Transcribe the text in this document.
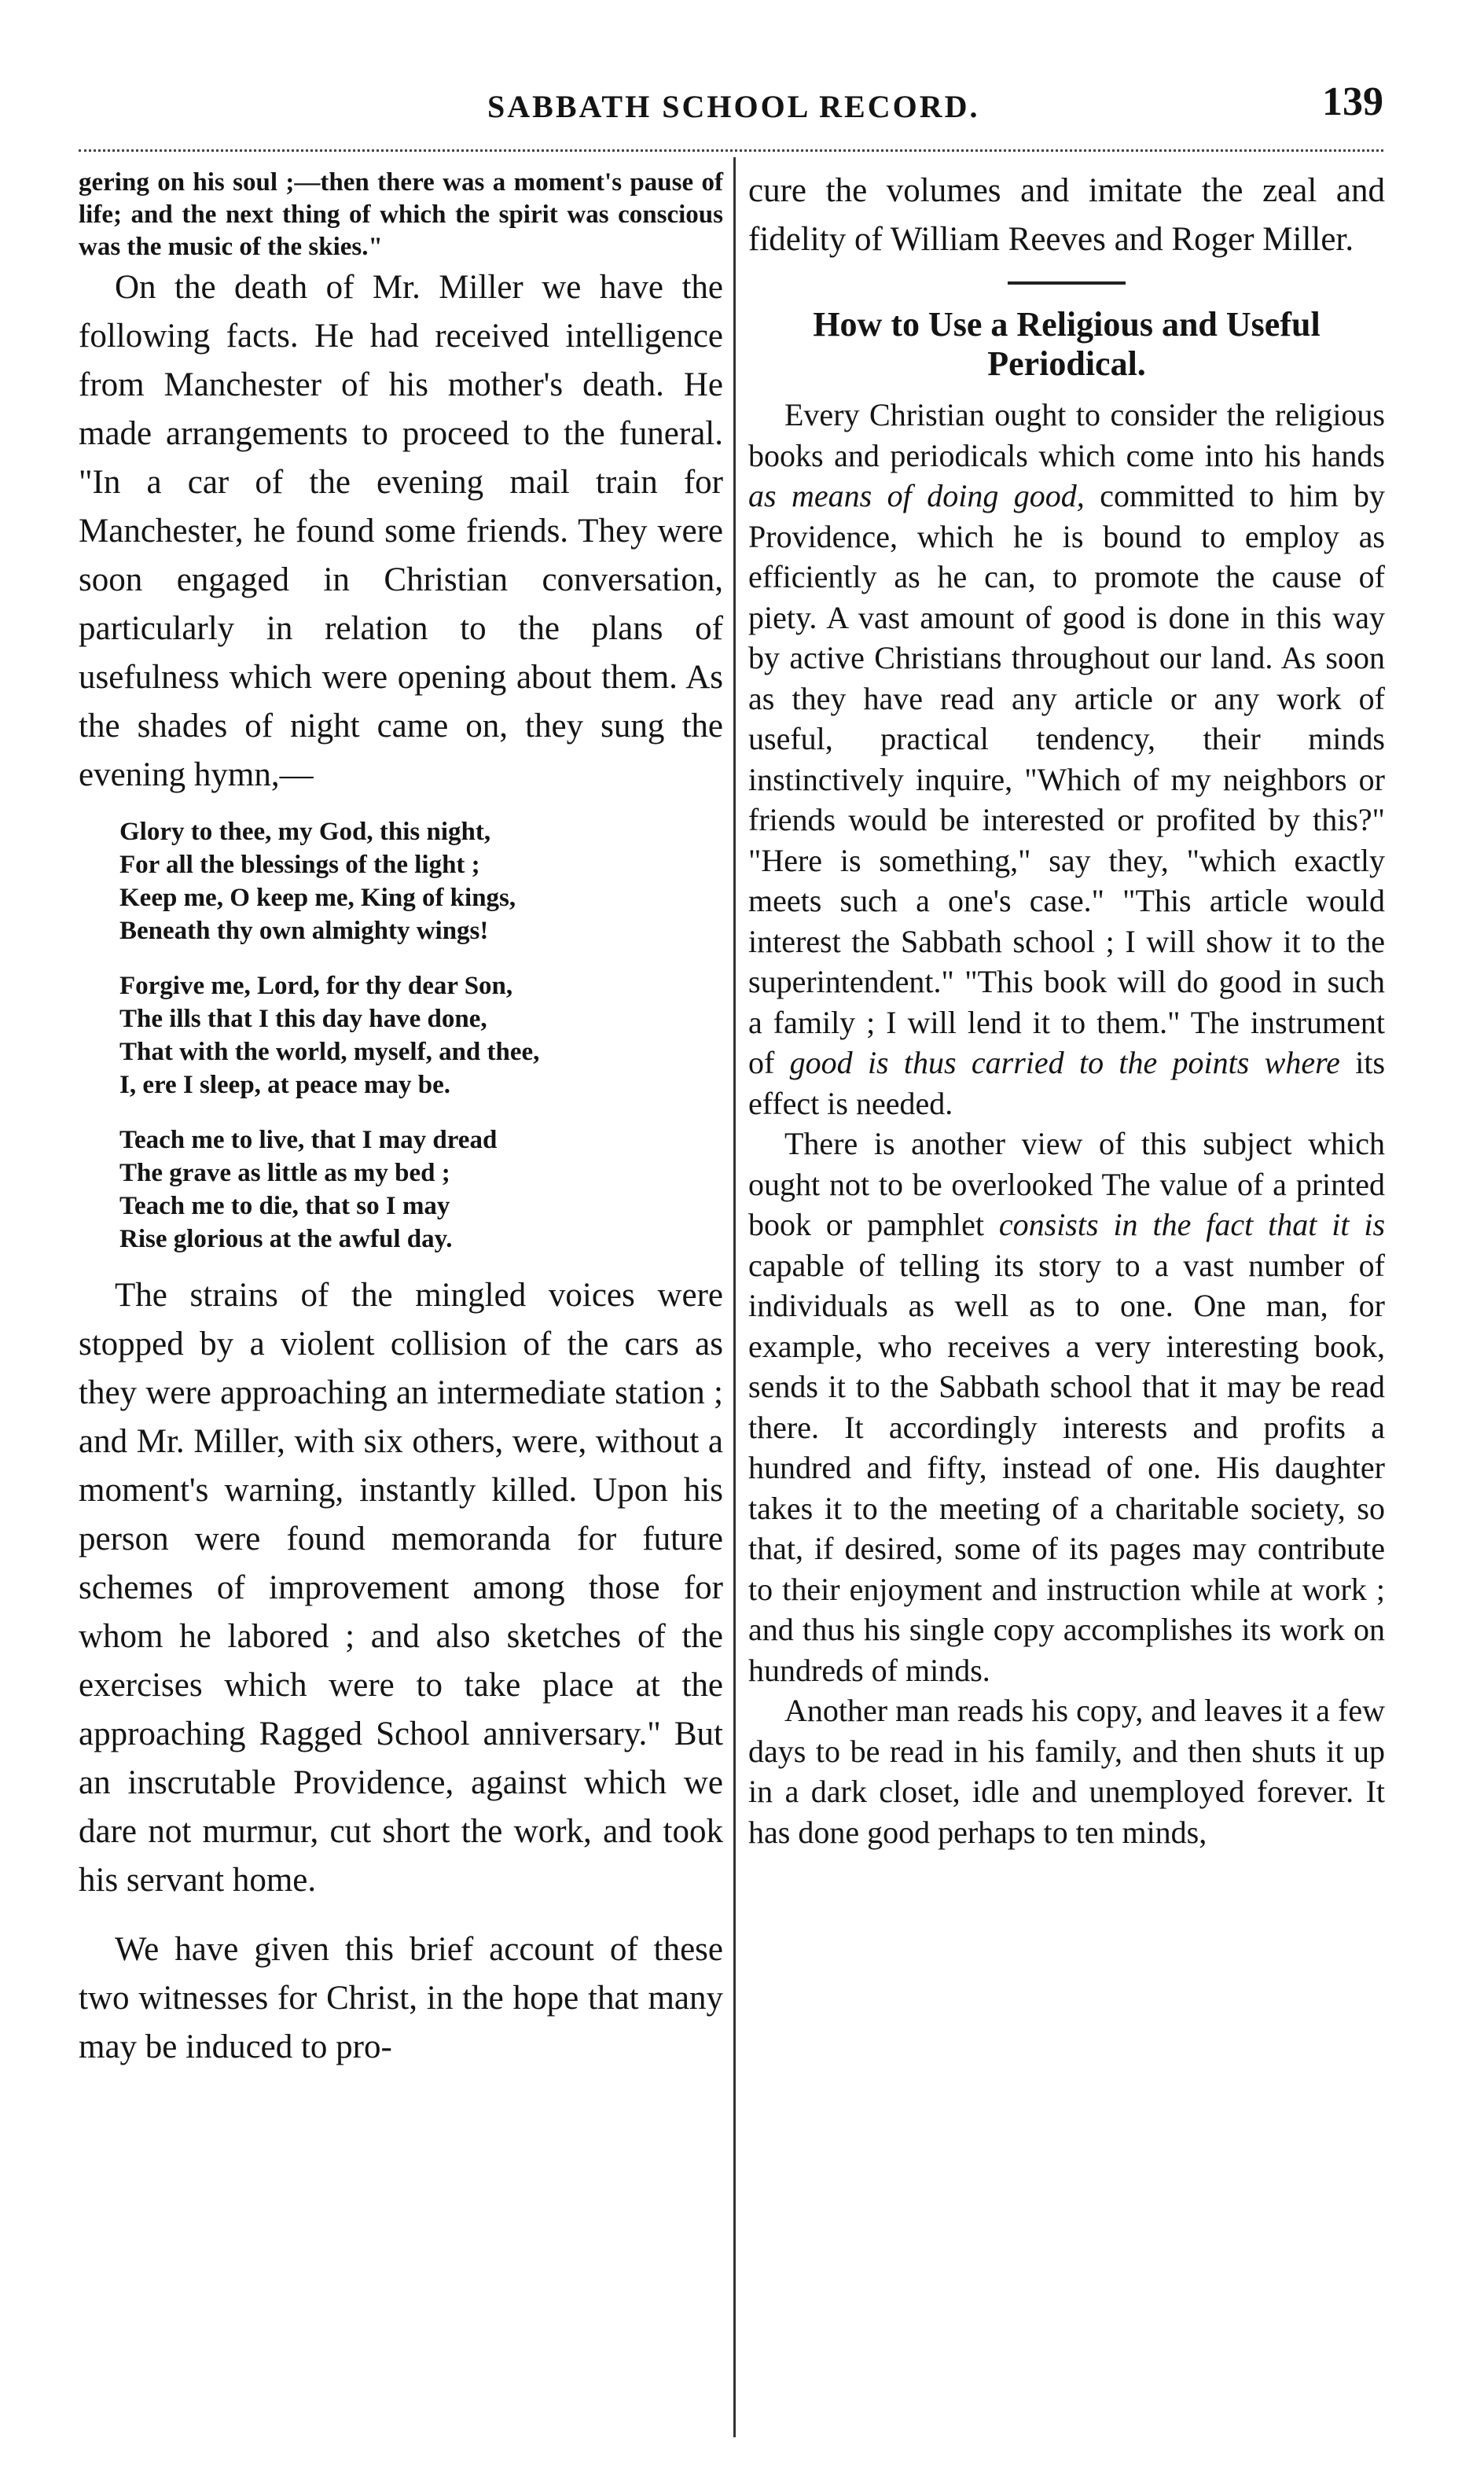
SABBATH SCHOOL RECORD.	139

gering on his soul ;—then there was a moment's pause of life; and the next thing of which the spirit was conscious was the music of the skies."

On the death of Mr. Miller we have the following facts. He had received intelligence from Manchester of his mother's death. He made arrangements to proceed to the funeral. "In a car of the evening mail train for Manchester, he found some friends. They were soon engaged in Christian conversation, particularly in relation to the plans of usefulness which were opening about them. As the shades of night came on, they sung the evening hymn,—

Glory to thee, my God, this night,
For all the blessings of the light ;
Keep me, O keep me, King of kings,
Beneath thy own almighty wings!
Forgive me, Lord, for thy dear Son,
The ills that I this day have done,
That with the world, myself, and thee,
I, ere I sleep, at peace may be.
Teach me to live, that I may dread
The grave as little as my bed ;
Teach me to die, that so I may
Rise glorious at the awful day.

The strains of the mingled voices were stopped by a violent collision of the cars as they were approaching an intermediate station ; and Mr. Miller, with six others, were, without a moment's warning, instantly killed. Upon his person were found memoranda for future schemes of improvement among those for whom he labored ; and also sketches of the exercises which were to take place at the approaching Ragged School anniversary." But an inscrutable Providence, against which we dare not murmur, cut short the work, and took his servant home.

We have given this brief account of these two witnesses for Christ, in the hope that many may be induced to pro-

cure the volumes and imitate the zeal and fidelity of William Reeves and Roger Miller.

How to Use a Religious and Useful Periodical.

Every Christian ought to consider the religious books and periodicals which come into his hands as means of doing good, committed to him by Providence, which he is bound to employ as efficiently as he can, to promote the cause of piety. A vast amount of good is done in this way by active Christians throughout our land. As soon as they have read any article or any work of useful, practical tendency, their minds instinctively inquire, "Which of my neighbors or friends would be interested or profited by this?" "Here is something," say they, "which exactly meets such a one's case." "This article would interest the Sabbath school ; I will show it to the superintendent." "This book will do good in such a family ; I will lend it to them." The instrument of good is thus carried to the points where its effect is needed.

There is another view of this subject which ought not to be overlooked The value of a printed book or pamphlet consists in the fact that it is capable of telling its story to a vast number of individuals as well as to one. One man, for example, who receives a very interesting book, sends it to the Sabbath school that it may be read there. It accordingly interests and profits a hundred and fifty, instead of one. His daughter takes it to the meeting of a charitable society, so that, if desired, some of its pages may contribute to their enjoyment and instruction while at work ; and thus his single copy accomplishes its work on hundreds of minds.

Another man reads his copy, and leaves it a few days to be read in his family, and then shuts it up in a dark closet, idle and unemployed forever. It has done good perhaps to ten minds,
